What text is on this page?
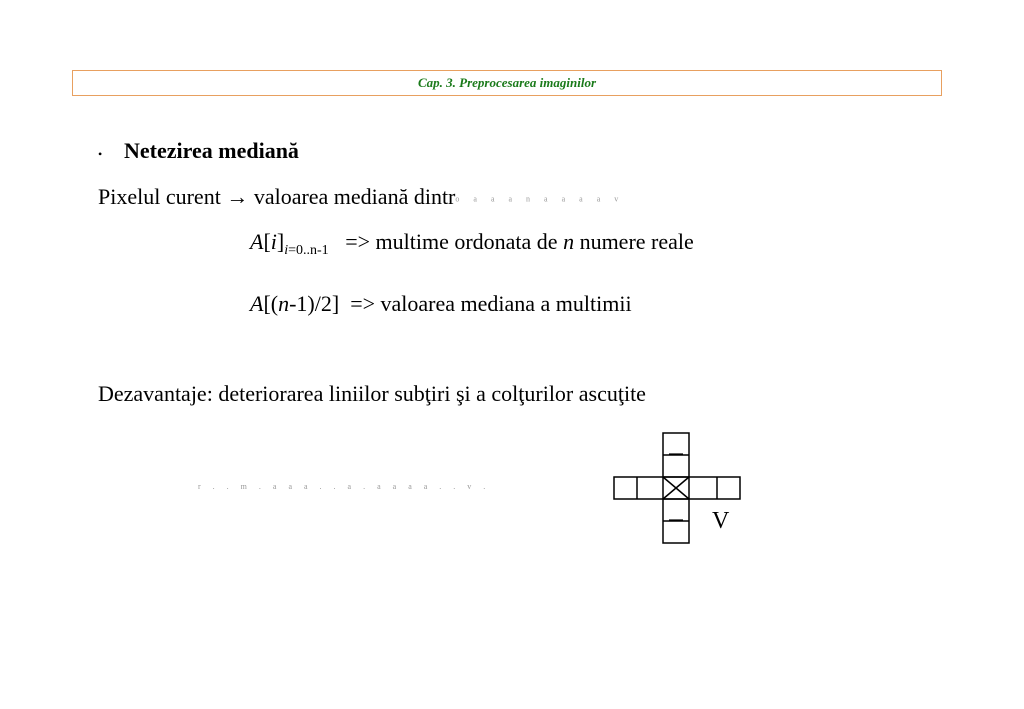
Cap. 3. Preprocesarea imaginilor
• Netezirea mediană
Pixelul curent → valoarea mediană dintro a a a n a a a a v
$A[i]_{i=0..n-1}$ => multime ordonata de n numere reale
A[(n-1)/2] => valoarea mediana a multimii
Dezavantaje: deteriorarea liniilor subţiri şi a colţurilor ascuţite
r . . m . a a a . . a . a a a a . . v .
V
